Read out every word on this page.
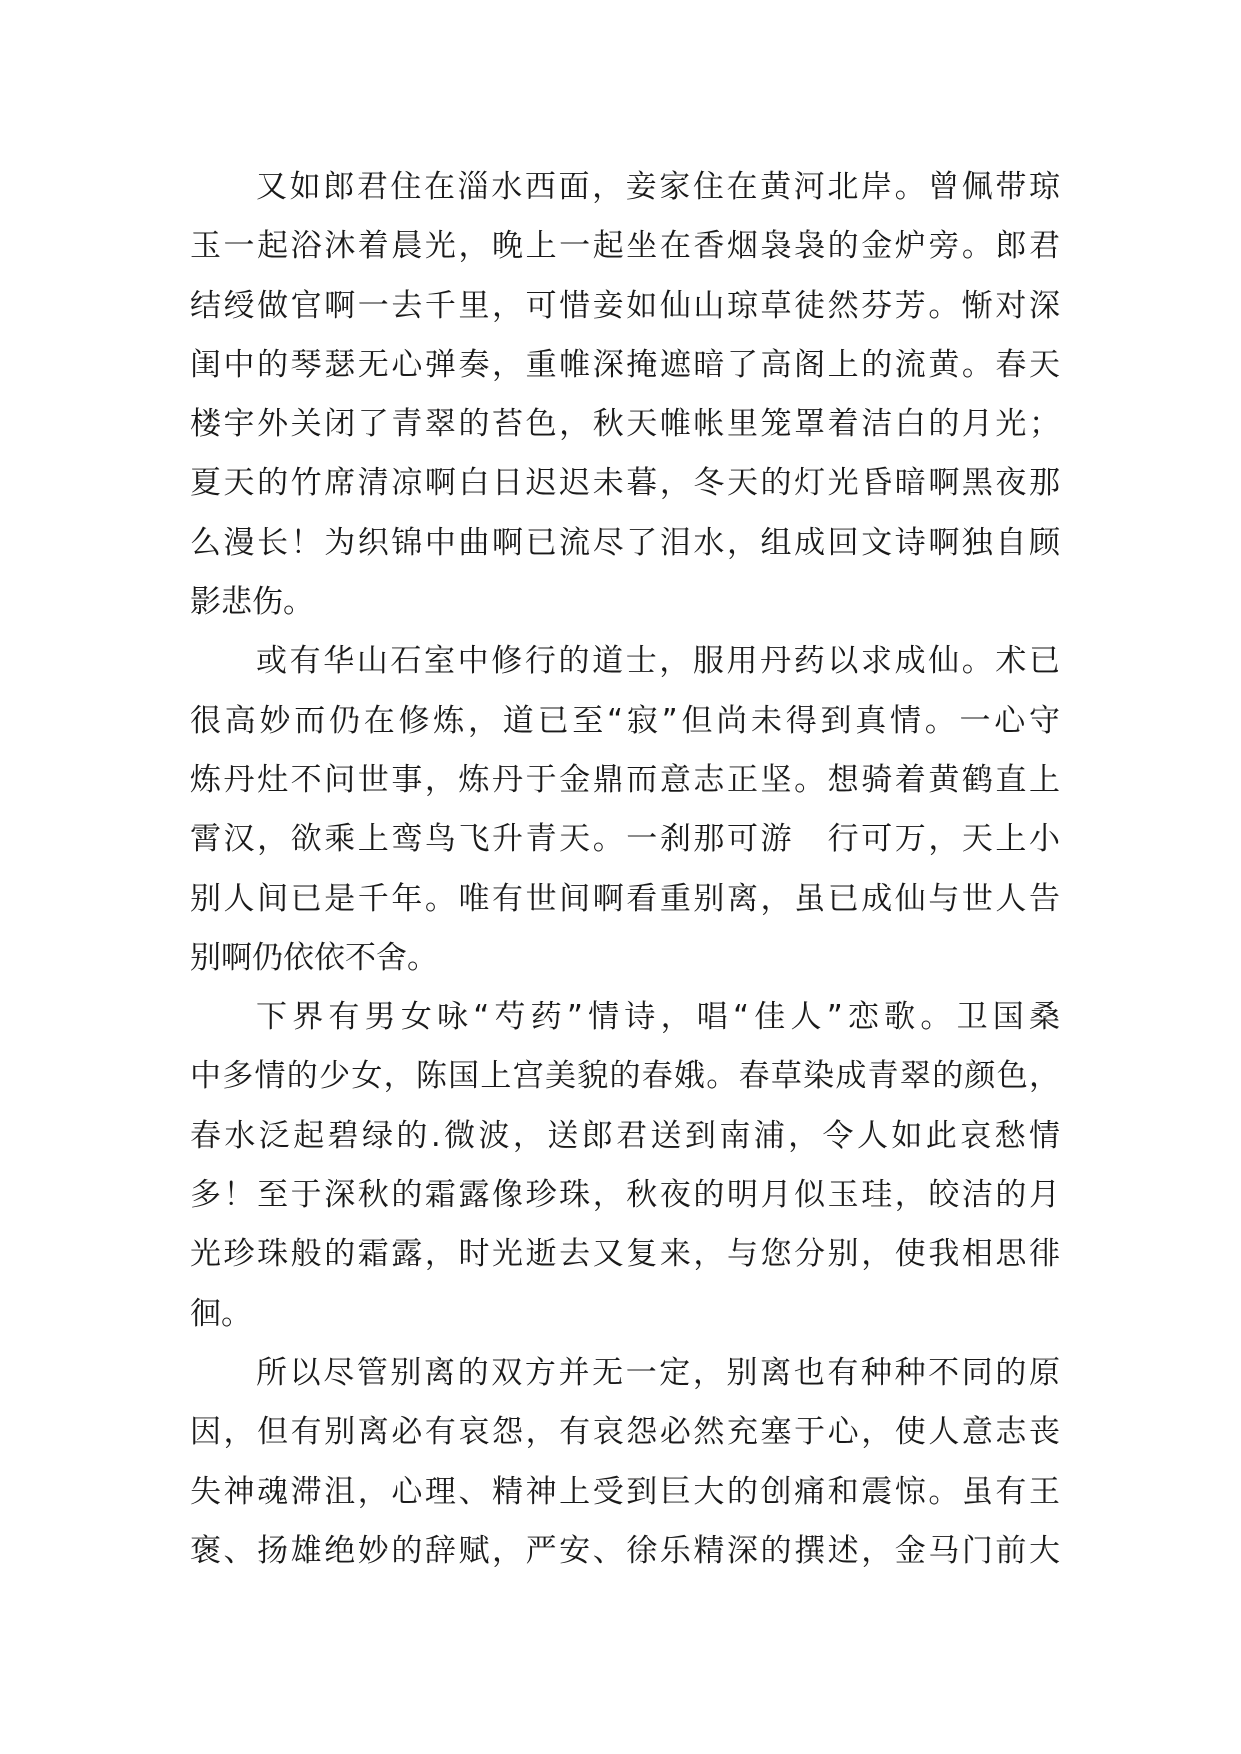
又如郎君住在淄水西面，妾家住在黄河北岸。曾佩带琼
玉一起浴沐着晨光，晚上一起坐在香烟袅袅的金炉旁。郎君
结绶做官啊一去千里，可惜妾如仙山琼草徒然芬芳。惭对深
闺中的琴瑟无心弹奏，重帷深掩遮暗了高阁上的流黄。春天
楼宇外关闭了青翠的苔色，秋天帷帐里笼罩着洁白的月光；
夏天的竹席清凉啊白日迟迟未暮，冬天的灯光昏暗啊黑夜那
么漫长！为织锦中曲啊已流尽了泪水，组成回文诗啊独自顾
影悲伤。
或有华山石室中修行的道士，服用丹药以求成仙。术已
很高妙而仍在修炼，道已至“寂”但尚未得到真情。一心守
炼丹灶不问世事，炼丹于金鼎而意志正坚。想骑着黄鹤直上
霄汉，欲乘上鸾鸟飞升青天。一刹那可游　行可万，天上小
别人间已是千年。唯有世间啊看重别离，虽已成仙与世人告
别啊仍依依不舍。
下界有男女咏“芍药”情诗，唱“佳人”恋歌。卫国桑
中多情的少女，陈国上宫美貌的春娥。春草染成青翠的颜色，
春水泛起碧绿的.微波，送郎君送到南浦，令人如此哀愁情
多！至于深秋的霜露像珍珠，秋夜的明月似玉珪，皎洁的月
光珍珠般的霜露，时光逝去又复来，与您分别，使我相思徘
徊。
所以尽管别离的双方并无一定，别离也有种种不同的原
因，但有别离必有哀怨，有哀怨必然充塞于心，使人意志丧
失神魂滞沮，心理、精神上受到巨大的创痛和震惊。虽有王
褒、扬雄绝妙的辞赋，严安、徐乐精深的撰述，金马门前大
